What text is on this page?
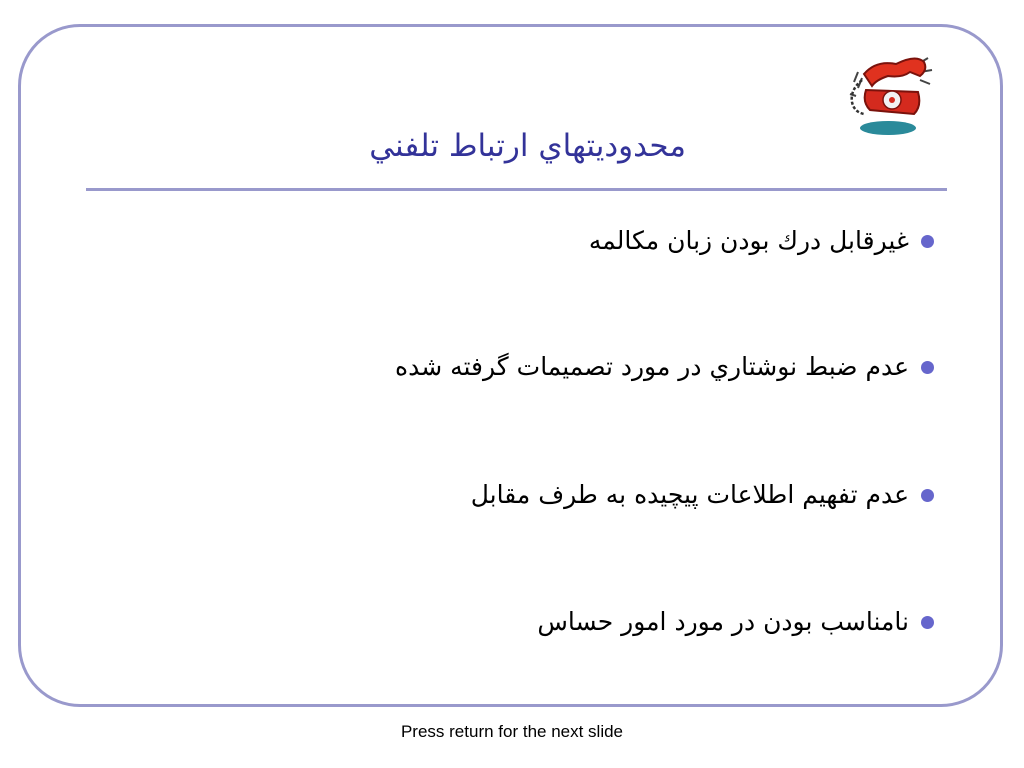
محدوديتهاي ارتباط تلفني
غيرقابل درك بودن زبان مكالمه
عدم ضبط نوشتاري در مورد تصميمات گرفته شده
عدم تفهيم اطلاعات پيچيده به طرف مقابل
نامناسب بودن در مورد امور حساس
Press return for the next slide
